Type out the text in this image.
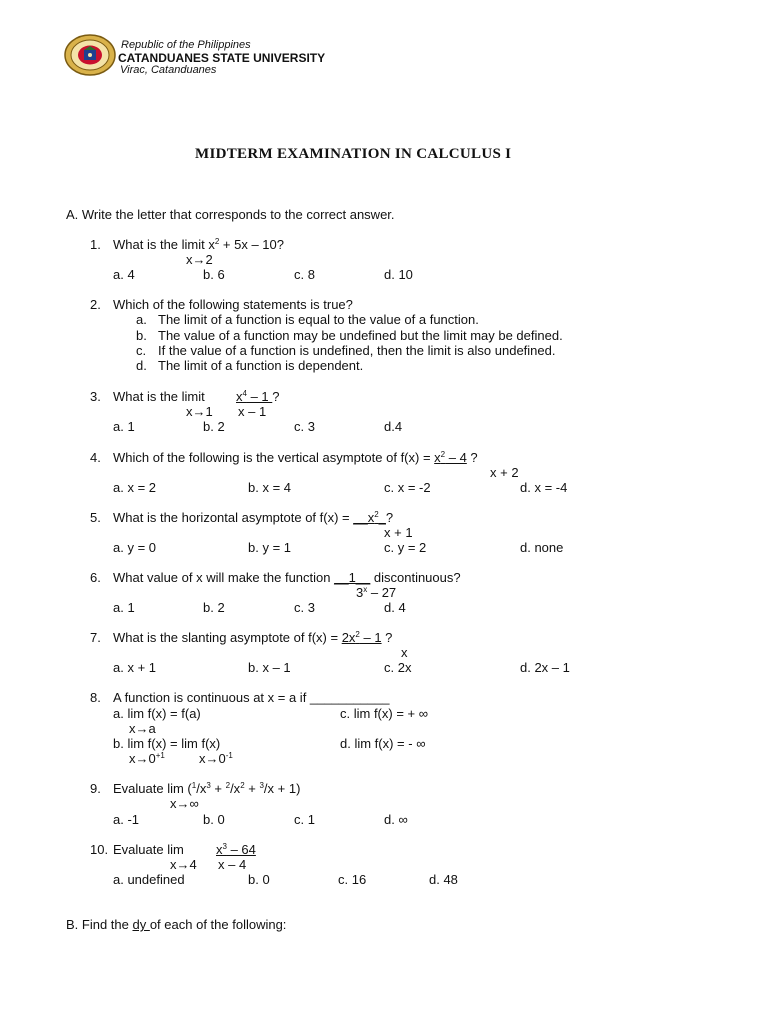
Republic of the Philippines
CATANDUANES STATE UNIVERSITY
Virac, Catanduanes
MIDTERM EXAMINATION IN CALCULUS I
A. Write the letter that corresponds to the correct answer.
1. What is the limit $x^2 + 5x - 10$?
x→2
a. 4	b. 6	c. 8	d. 10
2. Which of the following statements is true?
a. The limit of a function is equal to the value of a function.
b. The value of a function may be undefined but the limit may be defined.
c. If the value of a function is undefined, then the limit is also undefined.
d. The limit of a function is dependent.
3. What is the limit $x^4 - 1$ ?
x→1 x – 1
a. 1	b. 2	c. 3	d.4
4. Which of the following is the vertical asymptote of $f(x) = x^2 - 4$ ?
x + 2
a. x = 2	b. x = 4	c. x = -2	d. x = -4
5. What is the horizontal asymptote of $f(x) = \_\_x^2\_$?
x + 1
a. y = 0	b. y = 1	c. y = 2	d. none
6. What value of x will make the function __1__ discontinuous?
3$^x$ – 27
a. 1	b. 2	c. 3	d. 4
7. What is the slanting asymptote of $f(x) = 2x^2 - 1$ ?
x
a. x + 1	b. x – 1	c. 2x	d. 2x – 1
8. A function is continuous at x = a if ___________
a. lim f(x) = f(a)	c. lim f(x) = + ∞
x→a
b. lim f(x) = lim f(x)	d. lim f(x) = - ∞
$x\to 0^{+1}$	$x\to 0^{-1}$
9. Evaluate $\lim (^1/x^3 + ^2/x^2 + ^3/x + 1)$
x→∞
a. -1	b. 0	c. 1	d. ∞
10. Evaluate $\lim x^3 - 64$
x→4 x – 4
a. undefined	b. 0	c. 16	d. 48
B. Find the dy of each of the following:
